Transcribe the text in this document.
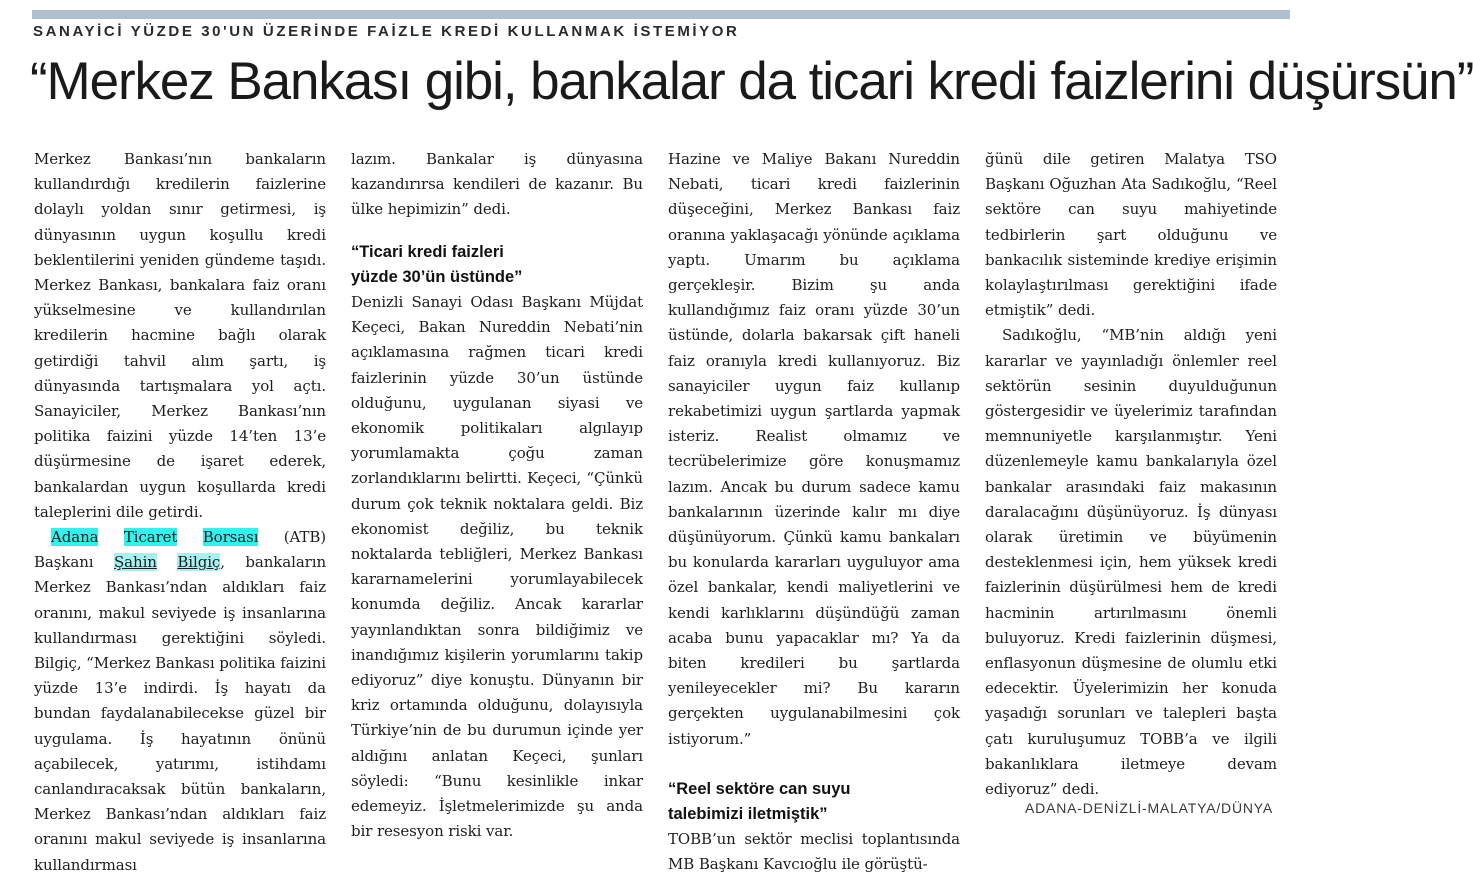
SANAYİCİ YÜZDE 30'UN ÜZERİNDE FAİZLE KREDİ KULLANMAK İSTEMİYOR

“Merkez Bankası gibi, bankalar da ticari kredi faizlerini düşürsün”

Merkez Bankası’nın bankaların kullandırdığı kredilerin faizlerine dolaylı yoldan sınır getirmesi, iş dünyasının uygun koşullu kredi beklentilerini yeniden gündeme taşıdı. Merkez Bankası, bankalara faiz oranı yükselmesine ve kullandırılan kredilerin hacmine bağlı olarak getirdiği tahvil alım şartı, iş dünyasında tartışmalara yol açtı. Sanayiciler, Merkez Bankası’nın politika faizini yüzde 14’ten 13’e düşürmesine de işaret ederek, bankalardan uygun koşullarda kredi taleplerini dile getirdi.

Adana Ticaret Borsası (ATB) Başkanı Şahin Bilgiç, bankaların Merkez Bankası’ndan aldıkları faiz oranını, makul seviyede iş insanlarına kullandırması gerektiğini söyledi. Bilgiç, “Merkez Bankası politika faizini yüzde 13’e indirdi. İş hayatı da bundan faydalanabilecekse güzel bir uygulama. İş hayatının önünü açabilecek, yatırımı, istihdamı canlandıracaksak bütün bankaların, Merkez Bankası’ndan aldıkları faiz oranını makul seviyede iş insanlarına kullandırması

lazım. Bankalar iş dünyasına kazandırırsa kendileri de kazanır. Bu ülke hepimizin” dedi.

“Ticari kredi faizleri
yüzde 30’ün üstünde”

Denizli Sanayi Odası Başkanı Müjdat Keçeci, Bakan Nureddin Nebati’nin açıklamasına rağmen ticari kredi faizlerinin yüzde 30’un üstünde olduğunu, uygulanan siyasi ve ekonomik politikaları algılayıp yorumlamakta çoğu zaman zorlandıklarını belirtti. Keçeci, “Çünkü durum çok teknik noktalara geldi. Biz ekonomist değiliz, bu teknik noktalarda tebliğleri, Merkez Bankası kararnamelerini yorumlayabilecek konumda değiliz. Ancak kararlar yayınlandıktan sonra bildiğimiz ve inandığımız kişilerin yorumlarını takip ediyoruz” diye konuştu. Dünyanın bir kriz ortamında olduğunu, dolayısıyla Türkiye’nin de bu durumun içinde yer aldığını anlatan Keçeci, şunları söyledi: “Bunu kesinlikle inkar edemeyiz. İşletmelerimizde şu anda bir resesyon riski var.

Hazine ve Maliye Bakanı Nureddin Nebati, ticari kredi faizlerinin düşeceğini, Merkez Bankası faiz oranına yaklaşacağı yönünde açıklama yaptı. Umarım bu açıklama gerçekleşir. Bizim şu anda kullandığımız faiz oranı yüzde 30’un üstünde, dolarla bakarsak çift haneli faiz oranıyla kredi kullanıyoruz. Biz sanayiciler uygun faiz kullanıp rekabetimizi uygun şartlarda yapmak isteriz. Realist olmamız ve tecrübelerimize göre konuşmamız lazım. Ancak bu durum sadece kamu bankalarının üzerinde kalır mı diye düşünüyorum. Çünkü kamu bankaları bu konularda kararları uyguluyor ama özel bankalar, kendi maliyetlerini ve kendi karlıklarını düşündüğü zaman acaba bunu yapacaklar mı? Ya da biten kredileri bu şartlarda yenileyecekler mi? Bu kararın gerçekten uygulanabilmesini çok istiyorum.”

“Reel sektöre can suyu
talebimizi iletmiştik”

TOBB’un sektör meclisi toplantısında MB Başkanı Kavcıoğlu ile görüştü-

ğünü dile getiren Malatya TSO Başkanı Oğuzhan Ata Sadıkoğlu, “Reel sektöre can suyu mahiyetinde tedbirlerin şart olduğunu ve bankacılık sisteminde krediye erişimin kolaylaştırılması gerektiğini ifade etmiştik” dedi.

Sadıkoğlu, “MB’nin aldığı yeni kararlar ve yayınladığı önlemler reel sektörün sesinin duyulduğunun göstergesidir ve üyelerimiz tarafından memnuniyetle karşılanmıştır. Yeni düzenlemeyle kamu bankalarıyla özel bankalar arasındaki faiz makasının daralacağını düşünüyoruz. İş dünyası olarak üretimin ve büyümenin desteklenmesi için, hem yüksek kredi faizlerinin düşürülmesi hem de kredi hacminin artırılmasını önemli buluyoruz. Kredi faizlerinin düşmesi, enflasyonun düşmesine de olumlu etki edecektir. Üyelerimizin her konuda yaşadığı sorunları ve talepleri başta çatı kuruluşumuz TOBB’a ve ilgili bakanlıklara iletmeye devam ediyoruz” dedi.

ADANA-DENİZLİ-MALATYA/DÜNYA
